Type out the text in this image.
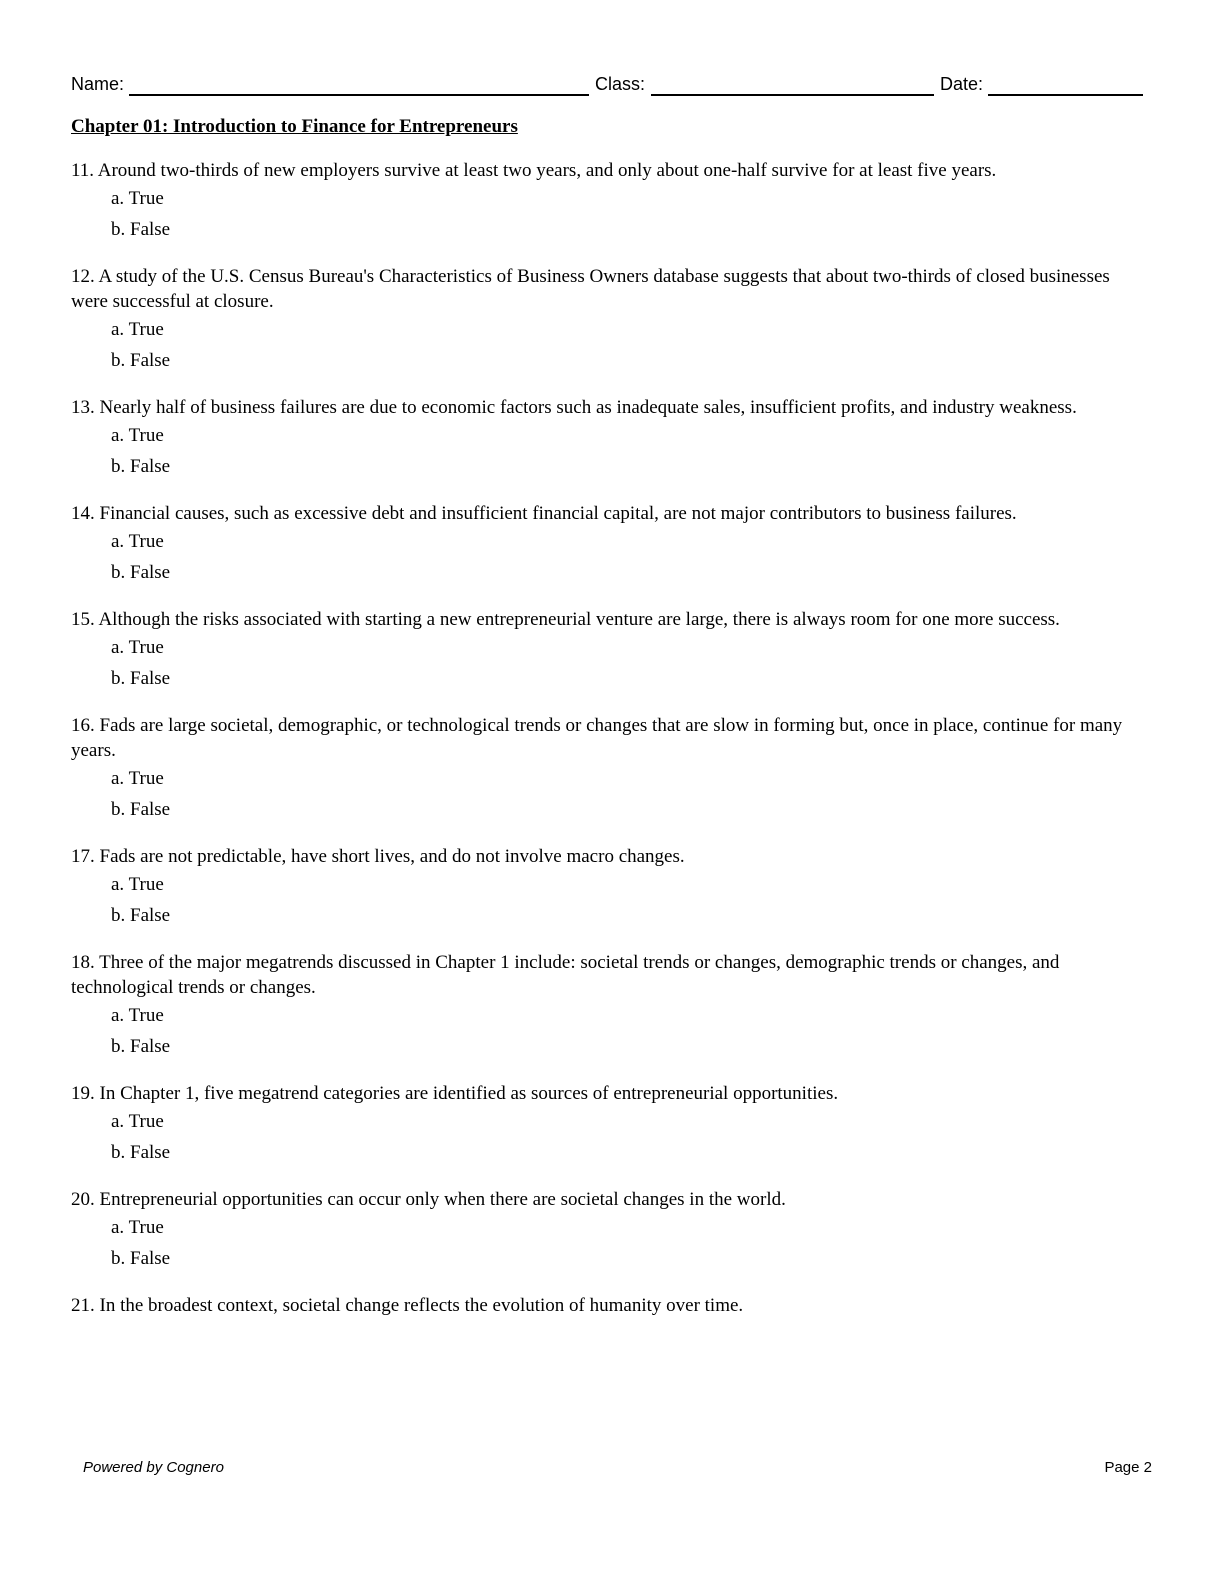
Name:	Class:	Date:
Chapter 01: Introduction to Finance for Entrepreneurs

11. Around two-thirds of new employers survive at least two years, and only about one-half survive for at least five years.

a. True
b. False

12. A study of the U.S. Census Bureau's Characteristics of Business Owners database suggests that about two-thirds of closed businesses were successful at closure.

a. True
b. False

13. Nearly half of business failures are due to economic factors such as inadequate sales, insufficient profits, and industry weakness.

a. True
b. False

14. Financial causes, such as excessive debt and insufficient financial capital, are not major contributors to business failures.

a. True
b. False

15. Although the risks associated with starting a new entrepreneurial venture are large, there is always room for one more success.

a. True
b. False

16. Fads are large societal, demographic, or technological trends or changes that are slow in forming but, once in place, continue for many years.

a. True
b. False

17. Fads are not predictable, have short lives, and do not involve macro changes.

a. True
b. False

18. Three of the major megatrends discussed in Chapter 1 include: societal trends or changes, demographic trends or changes, and technological trends or changes.

a. True
b. False

19. In Chapter 1, five megatrend categories are identified as sources of entrepreneurial opportunities.

a. True
b. False

20. Entrepreneurial opportunities can occur only when there are societal changes in the world.

a. True
b. False

21. In the broadest context, societal change reflects the evolution of humanity over time.

Powered by Cognero	Page 2
